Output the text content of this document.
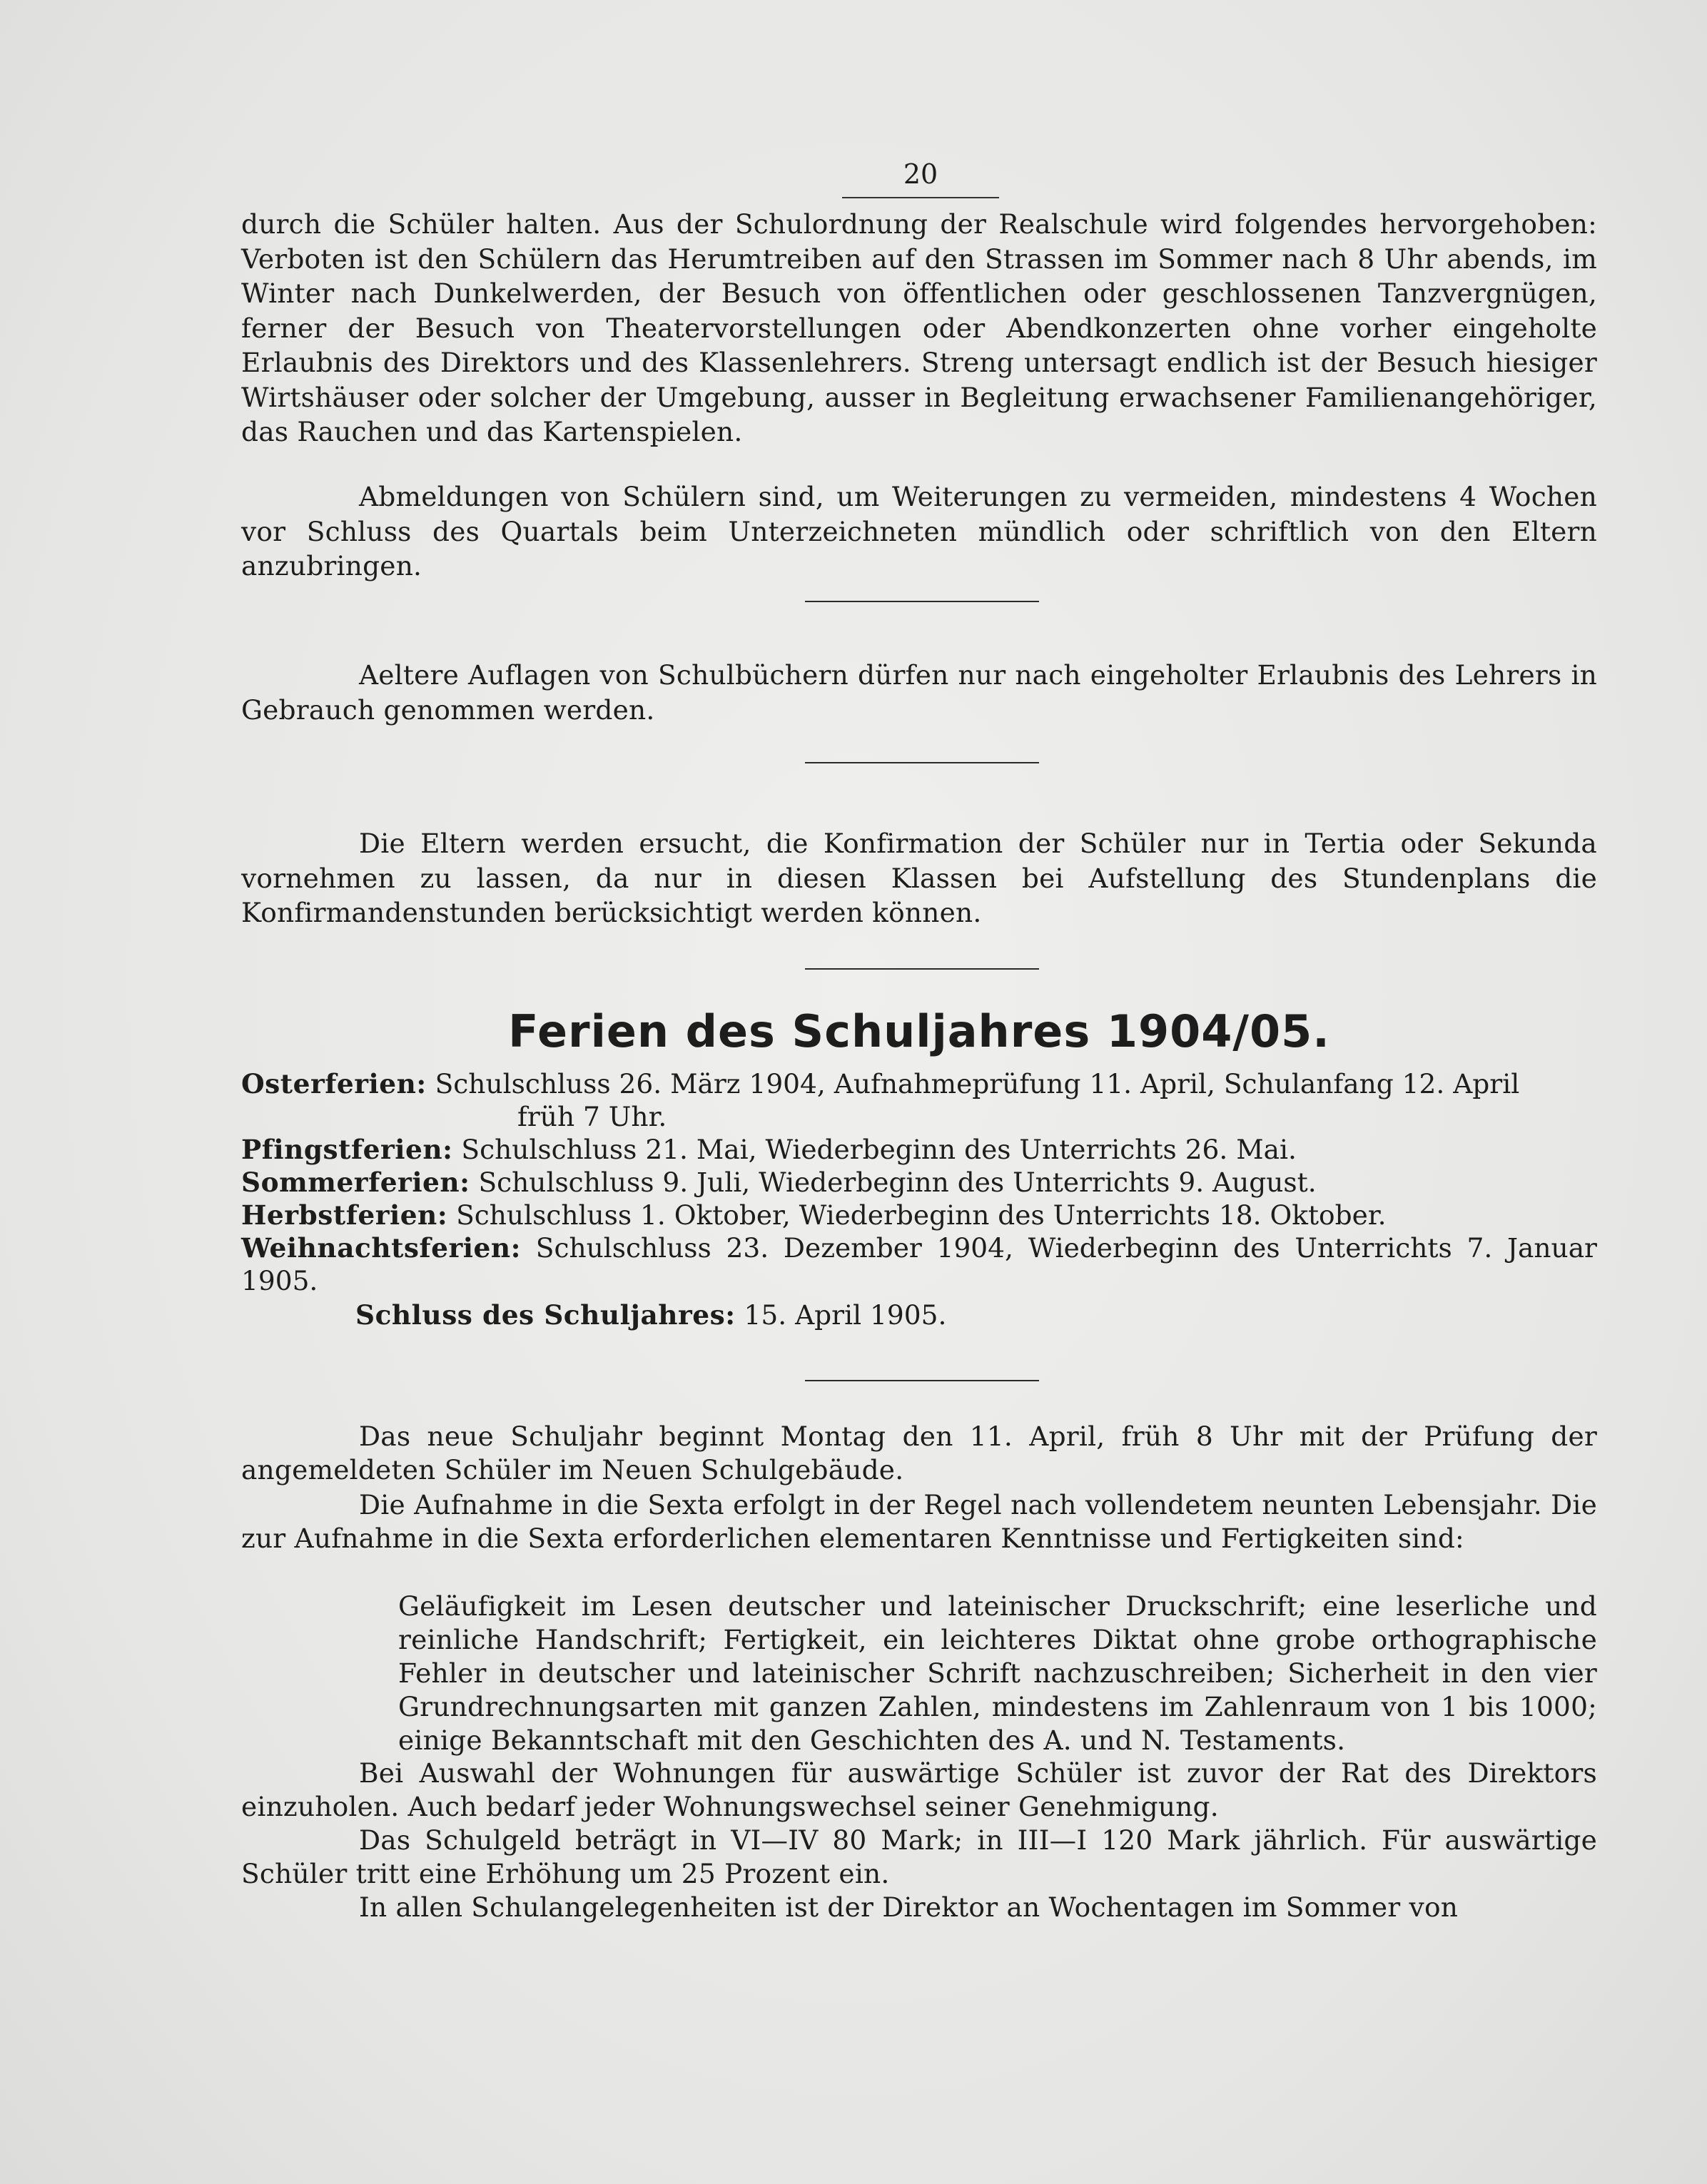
20
durch die Schüler halten. Aus der Schulordnung der Realschule wird folgendes hervorgehoben: Verboten ist den Schülern das Herumtreiben auf den Strassen im Sommer nach 8 Uhr abends, im Winter nach Dunkelwerden, der Besuch von öffentlichen oder geschlossenen Tanzvergnügen, ferner der Besuch von Theatervorstellungen oder Abendkonzerten ohne vorher eingeholte Erlaubnis des Direktors und des Klassenlehrers. Streng untersagt endlich ist der Besuch hiesiger Wirtshäuser oder solcher der Umgebung, ausser in Begleitung erwachsener Familienangehöriger, das Rauchen und das Kartenspielen.
Abmeldungen von Schülern sind, um Weiterungen zu vermeiden, mindestens 4 Wochen vor Schluss des Quartals beim Unterzeichneten mündlich oder schriftlich von den Eltern anzubringen.
Aeltere Auflagen von Schulbüchern dürfen nur nach eingeholter Erlaubnis des Lehrers in Gebrauch genommen werden.
Die Eltern werden ersucht, die Konfirmation der Schüler nur in Tertia oder Sekunda vornehmen zu lassen, da nur in diesen Klassen bei Aufstellung des Stundenplans die Konfirmandenstunden berücksichtigt werden können.
Ferien des Schuljahres 1904/05.
Osterferien: Schulschluss 26. März 1904, Aufnahmeprüfung 11. April, Schulanfang 12. April
früh 7 Uhr.
Pfingstferien: Schulschluss 21. Mai, Wiederbeginn des Unterrichts 26. Mai.
Sommerferien: Schulschluss 9. Juli, Wiederbeginn des Unterrichts 9. August.
Herbstferien: Schulschluss 1. Oktober, Wiederbeginn des Unterrichts 18. Oktober.
Weihnachtsferien: Schulschluss 23. Dezember 1904, Wiederbeginn des Unterrichts 7. Januar 1905.
Schluss des Schuljahres: 15. April 1905.
Das neue Schuljahr beginnt Montag den 11. April, früh 8 Uhr mit der Prüfung der angemeldeten Schüler im Neuen Schulgebäude.
Die Aufnahme in die Sexta erfolgt in der Regel nach vollendetem neunten Lebensjahr. Die zur Aufnahme in die Sexta erforderlichen elementaren Kenntnisse und Fertigkeiten sind:
Geläufigkeit im Lesen deutscher und lateinischer Druckschrift; eine leserliche und reinliche Handschrift; Fertigkeit, ein leichteres Diktat ohne grobe orthographische Fehler in deutscher und lateinischer Schrift nachzuschreiben; Sicherheit in den vier Grundrechnungsarten mit ganzen Zahlen, mindestens im Zahlenraum von 1 bis 1000; einige Bekanntschaft mit den Geschichten des A. und N. Testaments.
Bei Auswahl der Wohnungen für auswärtige Schüler ist zuvor der Rat des Direktors einzuholen. Auch bedarf jeder Wohnungswechsel seiner Genehmigung.
Das Schulgeld beträgt in VI—IV 80 Mark; in III—I 120 Mark jährlich. Für auswärtige Schüler tritt eine Erhöhung um 25 Prozent ein.
In allen Schulangelegenheiten ist der Direktor an Wochentagen im Sommer von
